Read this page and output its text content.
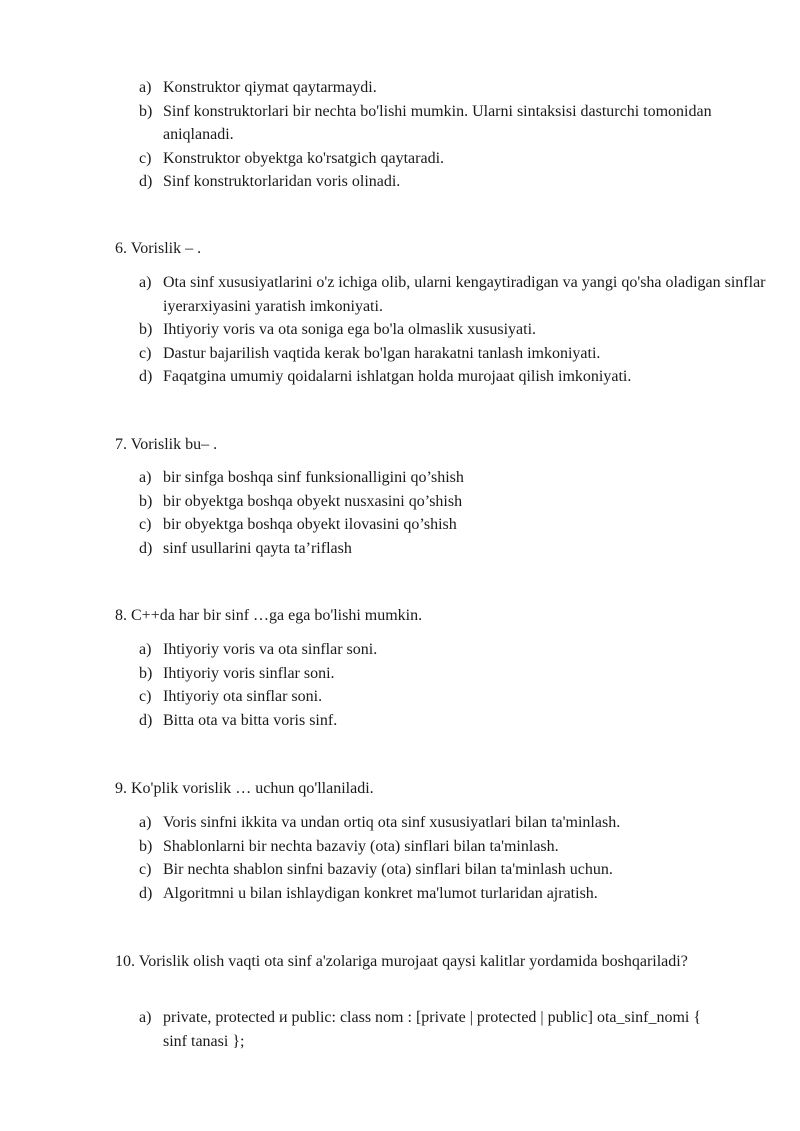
a) Konstruktor qiymat qaytarmaydi.
b) Sinf konstruktorlari bir nechta bo'lishi mumkin. Ularni sintaksisi dasturchi tomonidan aniqlanadi.
c) Konstruktor obyektga ko'rsatgich qaytaradi.
d) Sinf konstruktorlaridan voris olinadi.

6. Vorislik – .

a) Ota sinf xususiyatlarini o'z ichiga olib, ularni kengaytiradigan va yangi qo'sha oladigan sinflar iyerarxiyasini yaratish imkoniyati.
b) Ihtiyoriy voris va ota soniga ega bo'la olmaslik xususiyati.
c) Dastur bajarilish vaqtida kerak bo'lgan harakatni tanlash imkoniyati.
d) Faqatgina umumiy qoidalarni ishlatgan holda murojaat qilish imkoniyati.

7. Vorislik bu– .

a) bir sinfga boshqa sinf funksionalligini qo’shish
b) bir obyektga boshqa obyekt nusxasini qo’shish
c) bir obyektga boshqa obyekt ilovasini qo’shish
d) sinf usullarini qayta ta’riflash

8. C++da har bir sinf …ga ega bo'lishi mumkin.

a) Ihtiyoriy voris va ota sinflar soni.
b) Ihtiyoriy voris sinflar soni.
c) Ihtiyoriy ota sinflar soni.
d) Bitta ota va bitta voris sinf.

9. Ko'plik vorislik … uchun qo'llaniladi.

a) Voris sinfni ikkita va undan ortiq ota sinf xususiyatlari bilan ta'minlash.
b) Shablonlarni bir nechta bazaviy (ota) sinflari bilan ta'minlash.
c) Bir nechta shablon sinfni bazaviy (ota) sinflari bilan ta'minlash uchun.
d) Algoritmni u bilan ishlaydigan konkret ma'lumot turlaridan ajratish.

10. Vorislik olish vaqti ota sinf a'zolariga murojaat qaysi kalitlar yordamida boshqariladi?

a) private, protected и public: class nom : [private | protected | public] ota_sinf_nomi { sinf tanasi };
